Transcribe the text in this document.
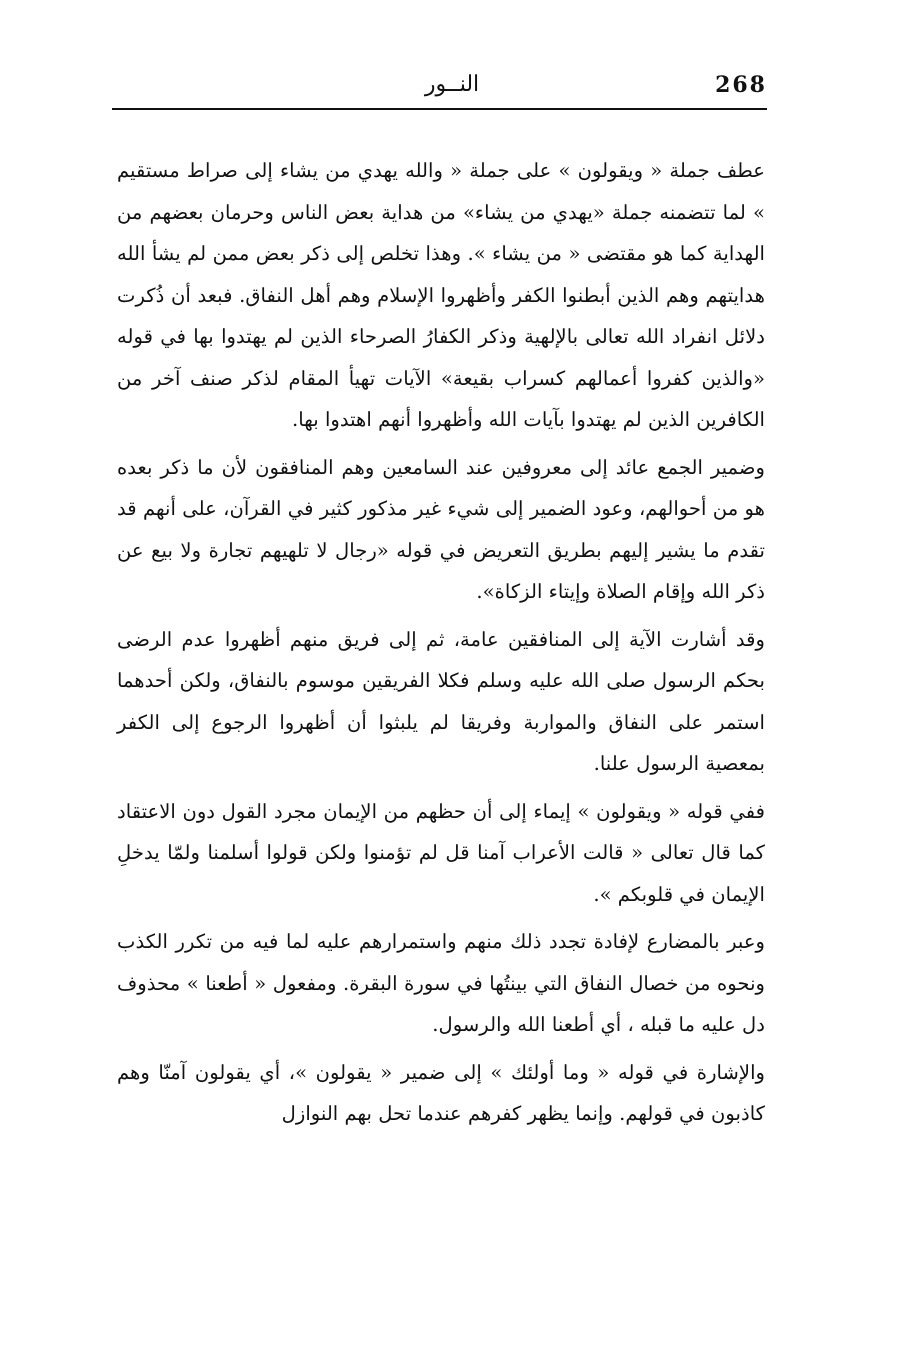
268
النــور

عطف جملة « ويقولون » على جملة « والله يهدي من يشاء إلى صراط مستقيم » لما تتضمنه جملة «يهدي من يشاء» من هداية بعض الناس وحرمان بعضهم من الهداية كما هو مقتضى « من يشاء ». وهذا تخلص إلى ذكر بعض ممن لم يشأ الله هدايتهم وهم الذين أبطنوا الكفر وأظهروا الإسلام وهم أهل النفاق. فبعد أن ذُكرت دلائل انفراد الله تعالى بالإلهية وذكر الكفارُ الصرحاء الذين لم يهتدوا بها في قوله «والذين كفروا أعمالهم كسراب بقيعة» الآيات تهيأ المقام لذكر صنف آخر من الكافرين الذين لم يهتدوا بآيات الله وأظهروا أنهم اهتدوا بها.

وضمير الجمع عائد إلى معروفين عند السامعين وهم المنافقون لأن ما ذكر بعده هو من أحوالهم، وعود الضمير إلى شيء غير مذكور كثير في القرآن، على أنهم قد تقدم ما يشير إليهم بطريق التعريض في قوله «رجال لا تلهيهم تجارة ولا بيع عن ذكر الله وإقام الصلاة وإيتاء الزكاة».

وقد أشارت الآية إلى المنافقين عامة، ثم إلى فريق منهم أظهروا عدم الرضى بحكم الرسول صلى الله عليه وسلم فكلا الفريقين موسوم بالنفاق، ولكن أحدهما استمر على النفاق والمواربة وفريقا لم يلبثوا أن أظهروا الرجوع إلى الكفر بمعصية الرسول علنا.

ففي قوله « ويقولون » إيماء إلى أن حظهم من الإيمان مجرد القول دون الاعتقاد كما قال تعالى « قالت الأعراب آمنا قل لم تؤمنوا ولكن قولوا أسلمنا ولمّا يدخلِ الإيمان في قلوبكم ».

وعبر بالمضارع لإفادة تجدد ذلك منهم واستمرارهم عليه لما فيه من تكرر الكذب ونحوه من خصال النفاق التي بينتُها في سورة البقرة. ومفعول « أطعنا » محذوف دل عليه ما قبله ، أي أطعنا الله والرسول.

والإشارة في قوله « وما أولئك » إلى ضمير « يقولون »، أي يقولون آمنّا وهم كاذبون في قولهم. وإنما يظهر كفرهم عندما تحل بهم النوازل
